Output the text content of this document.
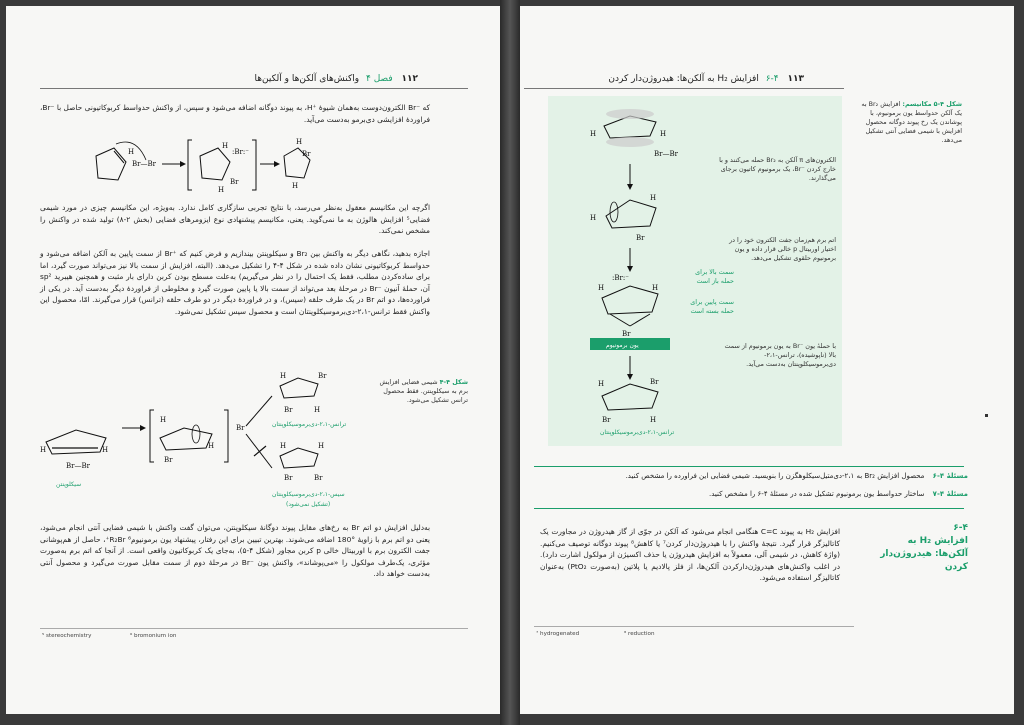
۱۱۲ فصل ۴ واکنش‌های آلکن‌ها و آلکین‌ها
که ⁻Br الکترون‌دوست به‌همان شیوهٔ ⁺H، به پیوند دوگانه اضافه می‌شود و سپس، از واکنش حدواسط کربوکاتیونی حاصل با ⁻Br، فراوردهٔ افزایشی دی‌برمو به‌دست می‌آید.
H
Br—Br
H
:Br:⁻
H
Br
H
Br
H
اگرچه این مکانیسم معقول به‌نظر می‌رسد، با نتایج تجربی سازگاری کامل ندارد. به‌ویژه، این مکانیسم چیزی در مورد شیمی فضایی⁵ افزایش هالوژن به ما نمی‌گوید. یعنی، مکانیسم پیشنهادی نوع ایزومرهای فضایی (بخش ۲-۸) تولید شده در واکنش را مشخص نمی‌کند.
اجازه بدهید، نگاهی دیگر به واکنش بین Br₂ و سیکلوپنتن بیندازیم و فرض کنیم که ⁺Br از سمت پایین به آلکن اضافه می‌شود و حدواسط کربوکاتیونی نشان داده شده در شکل ۴-۴ را تشکیل می‌دهد. (البته، افزایش از سمت بالا نیز می‌تواند صورت گیرد، اما برای ساده‌کردن مطلب، فقط یک احتمال را در نظر می‌گیریم) به‌علت مسطح بودن کربن دارای بار مثبت و همچنین هیبرید sp² آن، حملهٔ آنیون ⁻Br در مرحلهٔ بعد می‌تواند از سمت بالا یا پایین صورت گیرد و مخلوطی از فراوردهٔ دیگر به‌دست آید. در یکی از فراورده‌ها، دو اتم Br در یک طرف حلقه (سیس)، و در فراوردهٔ دیگر در دو طرف حلقه (ترانس) قرار می‌گیرند. امّا، محصول این واکنش فقط ترانس-۲،۱-دی‌برموسیکلوپنتان است و محصول سیس تشکیل نمی‌شود.
شکل ۴-۴ شیمی فضایی افزایش برم به سیکلوپنتن. فقط محصول ترانس تشکیل می‌شود.
H	H
Br—Br
سیکلوپنتن
H
H
Br
Br
H	Br
Br	H
ترانس-۲،۱-دی‌برموسیکلوپنتان
H	H
Br	Br
سیس-۲،۱-دی‌برموسیکلوپنتان
(تشکیل نمی‌شود)
به‌دلیل افزایش دو اتم Br به رخ‌های مقابل پیوند دوگانهٔ سیکلوپنتن، می‌توان گفت واکنش با شیمی فضایی آنتی انجام می‌شود، یعنی دو اتم برم با زاویهٔ °180 اضافه می‌شوند. بهترین تبیین برای این رفتار، پیشنهاد یون برمونیوم⁶ R₂Br⁺، حاصل از هم‌پوشانی جفت الکترون برم با اوربیتال خالی p کربن مجاور (شکل ۴-۵)، به‌جای یک کربوکاتیون واقعی است. از آنجا که اتم برم به‌صورت مؤثری، یک‌طرف مولکول را «می‌پوشاند»، واکنش یون ⁻Br در مرحلهٔ دوم از سمت مقابل صورت می‌گیرد و محصول آنتی به‌دست خواهد داد.
⁵ stereochemistry	⁶ bromonium ion
۱۱۳ ۶-۴ افزایش H₂ به آلکن‌ها: هیدروژن‌دار کردن
شکل ۴-۵ مکانیسم: افزایش Br₂ به یک آلکن حدواسط یون برمونیوم، با پوشاندن یک رخ پیوند دوگانه محصول افزایش با شیمی فضایی آنتی تشکیل می‌دهد.
H	H
Br—Br
H
H
Br
:Br:⁻
H	H
Br
یون برمونیوم
H	Br
Br	H
ترانس-۲،۱-دی‌برموسیکلوپنتان
الکترون‌های π آلکن به Br₂ حمله می‌کنند و با خارج کردن ⁻Br، یک برمونیوم کاتیون برجای می‌گذارند.
اتم برم هم‌زمان جفت الکترون خود را در اختیار اوربیتال p خالی قرار داده و یون برمونیوم حلقوی تشکیل می‌دهد.
سمت بالا برای حمله باز است
سمت پایین برای حمله بسته است
با حملهٔ یون ⁻Br به یون برمونیوم از سمت بالا (ناپوشیده)، ترانس-۲،۱-دی‌برموسیکلوپنتان به‌دست می‌آید.
مسئلهٔ ۴-۶ محصول افزایش Br₂ به ۲،۱-دی‌متیل‌سیکلوهگزن را بنویسید. شیمی فضایی این فراورده را مشخص کنید.
مسئلهٔ ۴-۷ ساختار حدواسط یون برمونیوم تشکیل شده در مسئلهٔ ۴-۶ را مشخص کنید.
۶-۴
افزایش H₂ به آلکن‌ها: هیدروژن‌دار کردن
افزایش H₂ به پیوند C=C هنگامی انجام می‌شود که آلکن در جوّی از گاز هیدروژن در مجاورت یک کاتالیزگر قرار گیرد. نتیجهٔ واکنش را با هیدروژن‌دار کردن⁷ یا کاهش⁸ پیوند دوگانه توصیف می‌کنیم. (واژهٔ کاهش، در شیمی آلی، معمولاً به افزایش هیدروژن یا حذف اکسیژن از مولکول اشارت دارد). در اغلب واکنش‌های هیدروژن‌دارکردن آلکن‌ها، از فلز پالادیم یا پلاتین (به‌صورت PtO₂) به‌عنوان کاتالیزگر استفاده می‌شود.
⁷ hydrogenated	⁸ reduction
